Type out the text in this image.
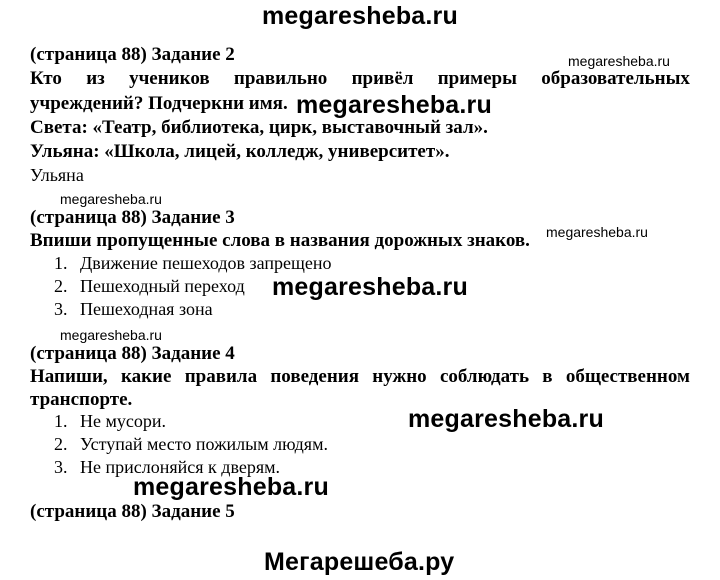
megaresheba.ru
(страница 88) Задание 2	megaresheba.ru
Кто из учеников правильно привёл примеры образовательных
учреждений? Подчеркни имя. megaresheba.ru
Света: «Театр, библиотека, цирк, выставочный зал».
Ульяна: «Школа, лицей, колледж, университет».
Ульяна
megaresheba.ru
(страница 88) Задание 3
Впиши пропущенные слова в названия дорожных знаков. megaresheba.ru
1. Движение пешеходов запрещено
2. Пешеходный переход
3. Пешеходная зона
megaresheba.ru
megaresheba.ru
(страница 88) Задание 4
Напиши, какие правила поведения нужно соблюдать в общественном
транспорте.
1. Не мусори.
2. Уступай место пожилым людям.
3. Не прислоняйся к дверям.
megaresheba.ru
megaresheba.ru
(страница 88) Задание 5
Мегарешеба.ру
